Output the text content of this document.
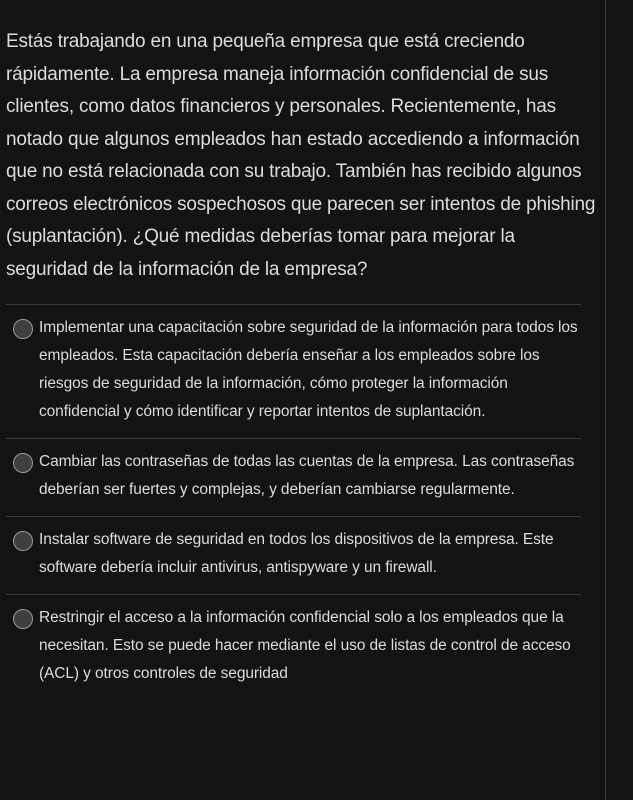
Estás trabajando en una pequeña empresa que está creciendo rápidamente. La empresa maneja información confidencial de sus clientes, como datos financieros y personales. Recientemente, has notado que algunos empleados han estado accediendo a información que no está relacionada con su trabajo. También has recibido algunos correos electrónicos sospechosos que parecen ser intentos de phishing (suplantación). ¿Qué medidas deberías tomar para mejorar la seguridad de la información de la empresa?
Implementar una capacitación sobre seguridad de la información para todos los empleados. Esta capacitación debería enseñar a los empleados sobre los riesgos de seguridad de la información, cómo proteger la información confidencial y cómo identificar y reportar intentos de suplantación.
Cambiar las contraseñas de todas las cuentas de la empresa. Las contraseñas deberían ser fuertes y complejas, y deberían cambiarse regularmente.
Instalar software de seguridad en todos los dispositivos de la empresa. Este software debería incluir antivirus, antispyware y un firewall.
Restringir el acceso a la información confidencial solo a los empleados que la necesitan. Esto se puede hacer mediante el uso de listas de control de acceso (ACL) y otros controles de seguridad
